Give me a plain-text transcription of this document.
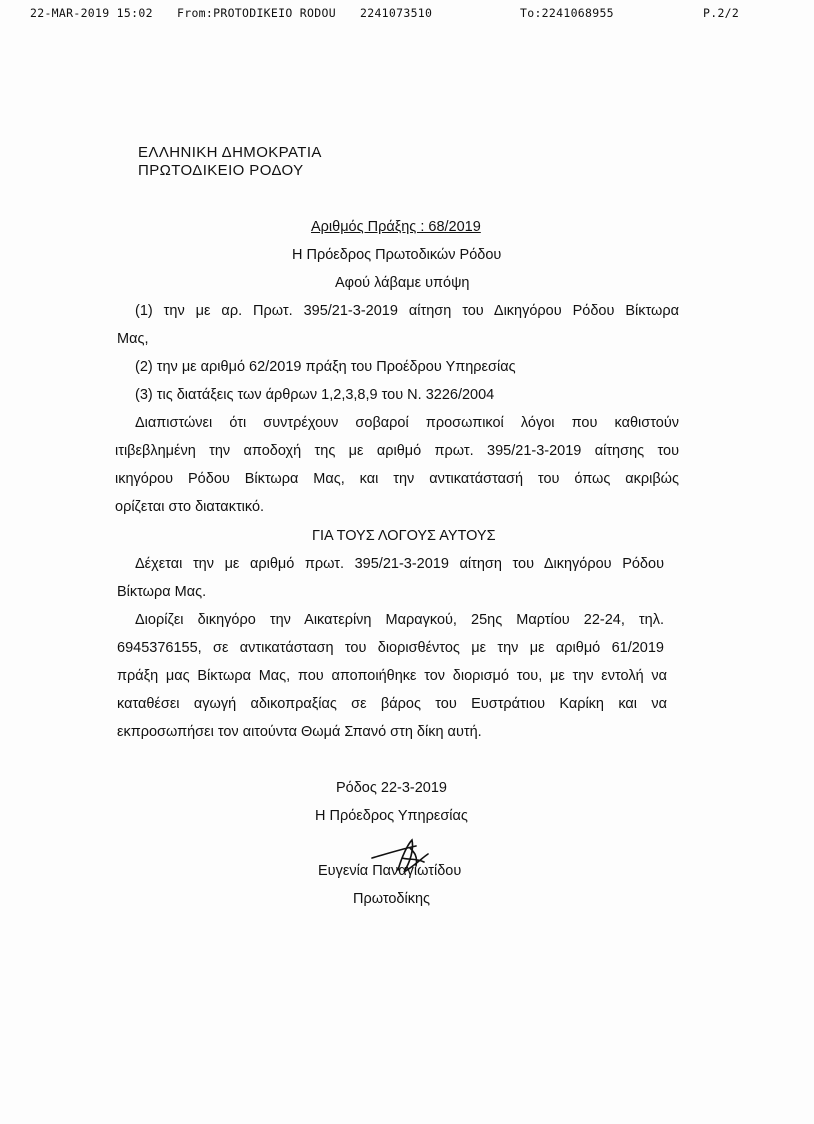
22-MAR-2019 15:02 From:PROTODIKEIO RODOU 2241073510	To:2241068955	P.2/2
ΕΛΛΗΝΙΚΗ ΔΗΜΟΚΡΑΤΙΑ
ΠΡΩΤΟΔΙΚΕΙΟ ΡΟΔΟΥ
Αριθμός Πράξης : 68/2019
Η Πρόεδρος Πρωτοδικών Ρόδου
Αφού λάβαμε υπόψη
(1) την με αρ. Πρωτ. 395/21-3-2019 αίτηση του Δικηγόρου Ρόδου Βίκτωρα
Μας,
(2) την με αριθμό 62/2019 πράξη του Προέδρου Υπηρεσίας
(3) τις διατάξεις των άρθρων 1,2,3,8,9 του Ν. 3226/2004
Διαπιστώνει ότι συντρέχουν σοβαροί προσωπικοί λόγοι που καθιστούν
ιτιβεβλημένη την αποδοχή της με αριθμό πρωτ. 395/21-3-2019 αίτησης του
ικηγόρου Ρόδου Βίκτωρα Μας, και την αντικατάστασή του όπως ακριβώς
ορίζεται στο διατακτικό.
ΓΙΑ ΤΟΥΣ ΛΟΓΟΥΣ ΑΥΤΟΥΣ
Δέχεται την με αριθμό πρωτ. 395/21-3-2019 αίτηση του Δικηγόρου Ρόδου
Βίκτωρα Μας.
Διορίζει δικηγόρο την Αικατερίνη Μαραγκού, 25ης Μαρτίου 22-24, τηλ.
6945376155, σε αντικατάσταση του διορισθέντος με την με αριθμό 61/2019
πράξη μας Βίκτωρα Μας, που αποποιήθηκε τον διορισμό του, με την εντολή να
καταθέσει αγωγή αδικοπραξίας σε βάρος του Ευστράτιου Καρίκη και να
εκπροσωπήσει τον αιτούντα Θωμά Σπανό στη δίκη αυτή.
Ρόδος 22-3-2019
Η Πρόεδρος Υπηρεσίας
Ευγενία Παναγιωτίδου
Πρωτοδίκης
